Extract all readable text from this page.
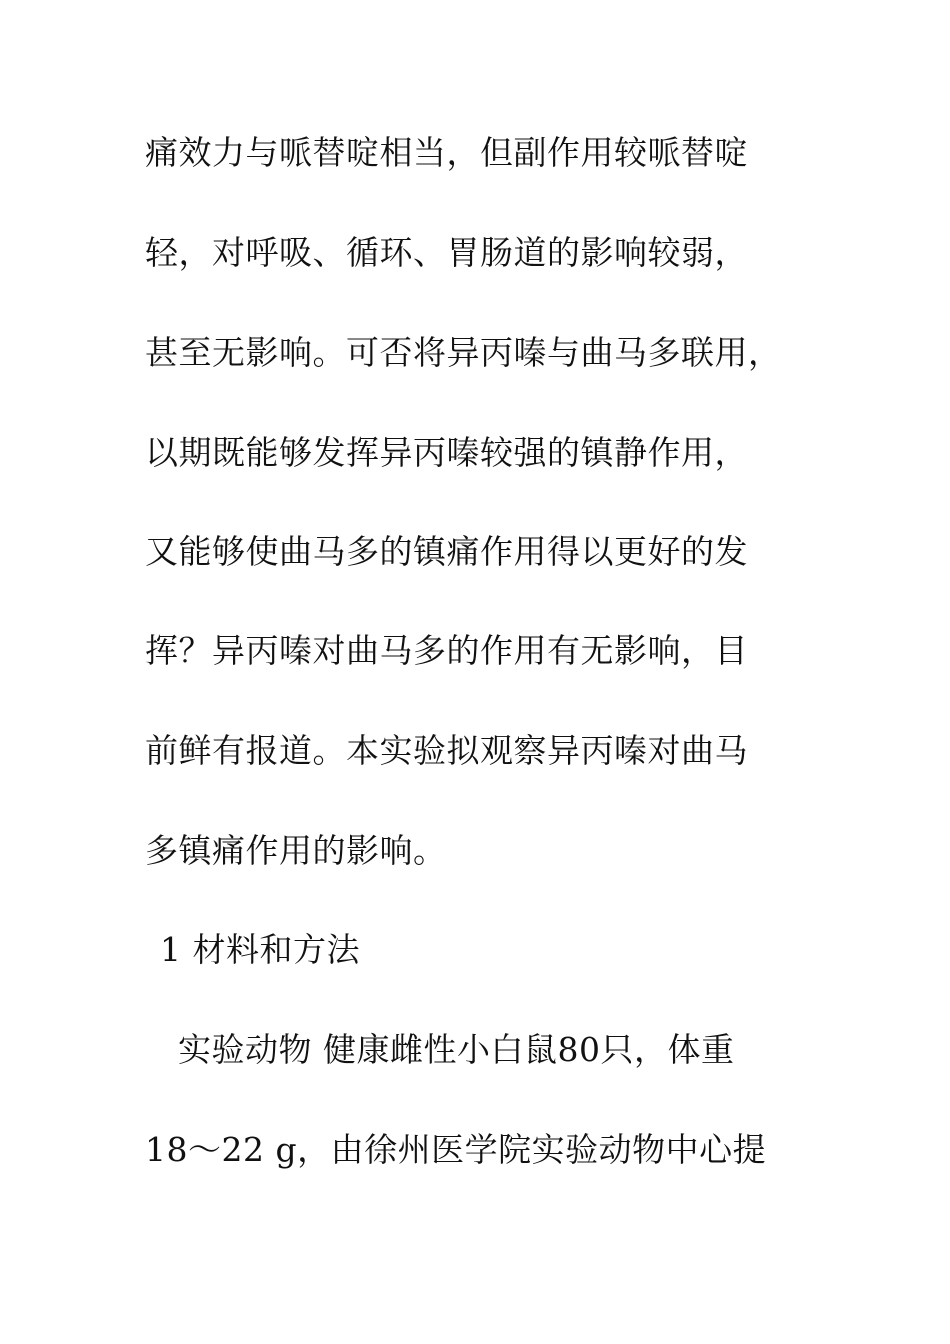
痛效力与哌替啶相当，但副作用较哌替啶
轻，对呼吸、循环、胃肠道的影响较弱，
甚至无影响。可否将异丙嗪与曲马多联用，
以期既能够发挥异丙嗪较强的镇静作用，
又能够使曲马多的镇痛作用得以更好的发
挥？异丙嗪对曲马多的作用有无影响，目
前鲜有报道。本实验拟观察异丙嗪对曲马
多镇痛作用的影响。
1 材料和方法
实验动物 健康雌性小白鼠80只，体重
18～22 g，由徐州医学院实验动物中心提
